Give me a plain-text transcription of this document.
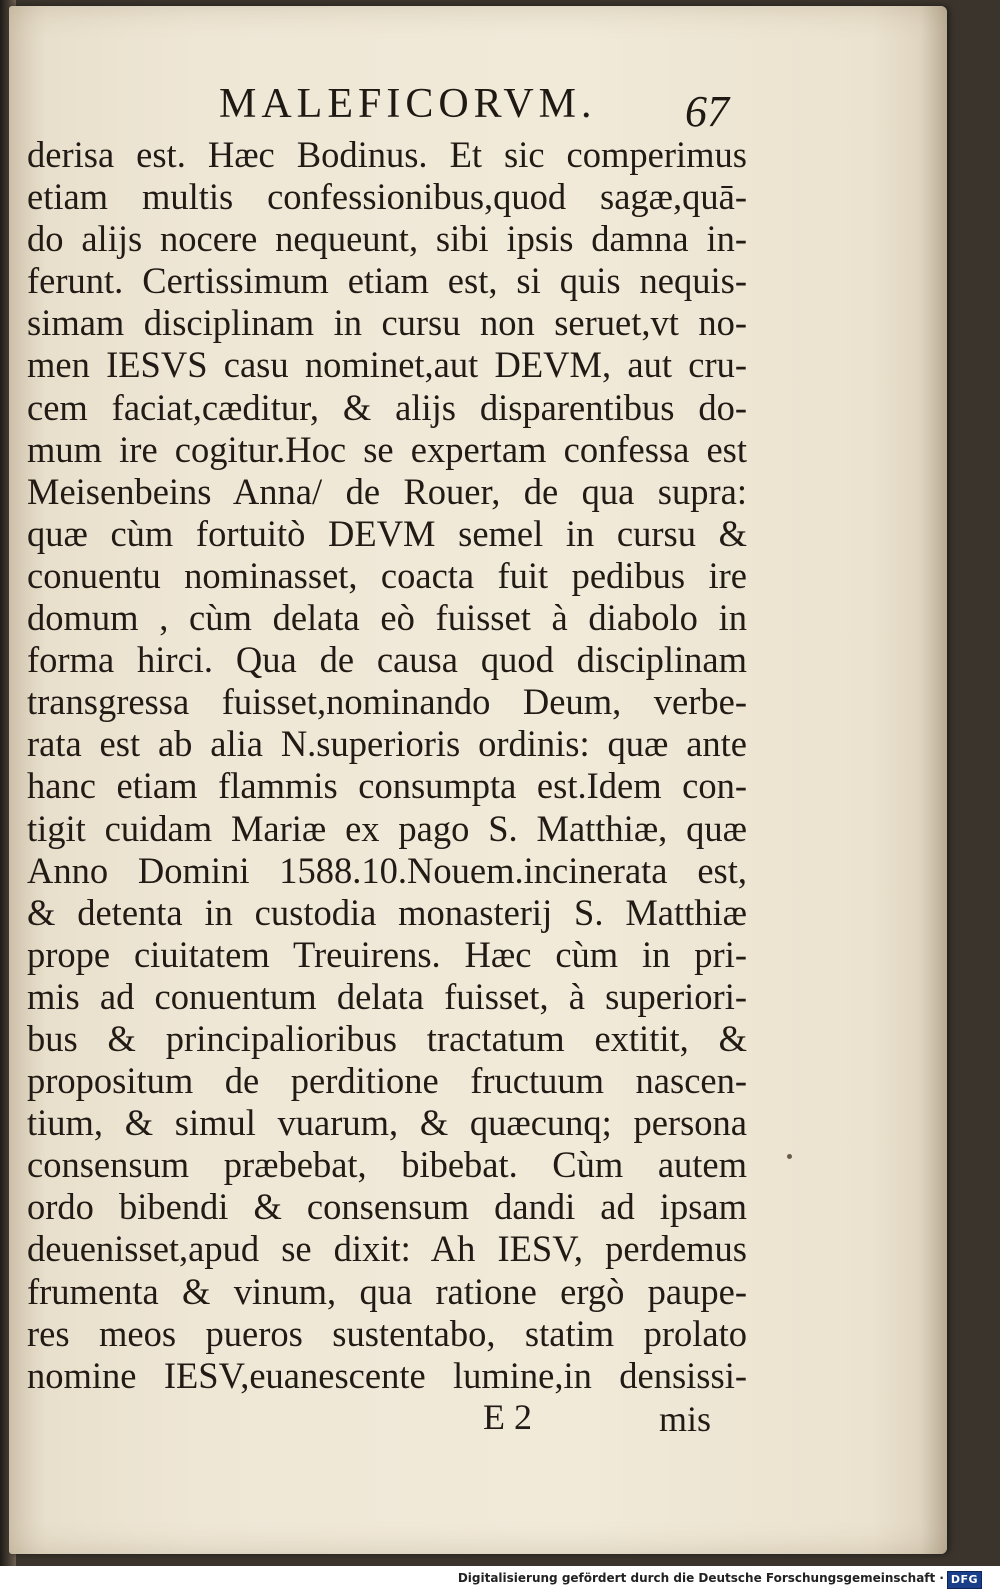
MALEFICORVM. 67
derisa est. Hæc Bodinus. Et sic comperimus
etiam multis confessionibus,quod sagæ,quā-
do alijs nocere nequeunt, sibi ipsis damna in-
ferunt. Certissimum etiam est, si quis nequis-
simam disciplinam in cursu non seruet,vt no-
men IESVS casu nominet,aut DEVM, aut cru-
cem faciat,cæditur, & alijs disparentibus do-
mum ire cogitur.Hoc se expertam confessa est
Meisenbeins Anna/ de Rouer, de qua supra:
quæ cùm fortuitò DEVM semel in cursu &
conuentu nominasset, coacta fuit pedibus ire
domum , cùm delata eò fuisset à diabolo in
forma hirci. Qua de causa quod disciplinam
transgressa fuisset,nominando Deum, verbe-
rata est ab alia N.superioris ordinis: quæ ante
hanc etiam flammis consumpta est.Idem con-
tigit cuidam Mariæ ex pago S. Matthiæ, quæ
Anno Domini 1588.10.Nouem.incinerata est,
& detenta in custodia monasterij S. Matthiæ
prope ciuitatem Treuirens. Hæc cùm in pri-
mis ad conuentum delata fuisset, à superiori-
bus & principalioribus tractatum extitit, &
propositum de perditione fructuum nascen-
tium, & simul vuarum, & quæcunq; persona
consensum præbebat, bibebat. Cùm autem
ordo bibendi & consensum dandi ad ipsam
deuenisset,apud se dixit: Ah IESV, perdemus
frumenta & vinum, qua ratione ergò paupe-
res meos pueros sustentabo, statim prolato
nomine IESV,euanescente lumine,in densissi-
E 2	mis
Digitalisierung gefördert durch die Deutsche Forschungsgemeinschaft · DFG
